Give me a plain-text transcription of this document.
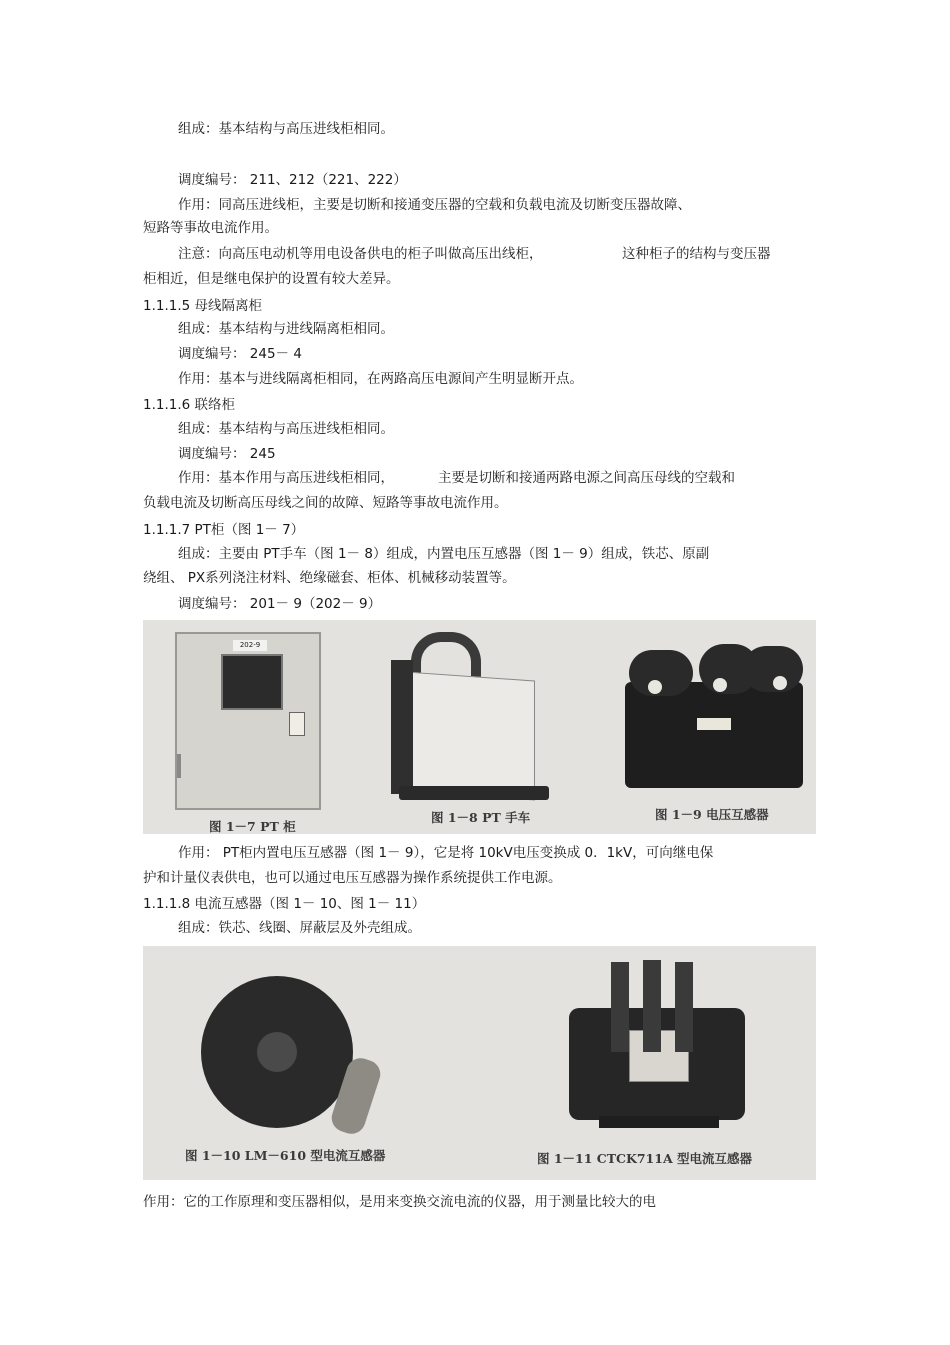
组成：基本结构与高压进线柜相同。
调度编号： 211、212（221、222）
作用：同高压进线柜，主要是切断和接通变压器的空载和负载电流及切断变压器故障、
短路等事故电流作用。
注意：向高压电动机等用电设备供电的柜子叫做高压出线柜，	这种柜子的结构与变压器
柜相近，但是继电保护的设置有较大差异。
1.1.1.5 母线隔离柜
组成：基本结构与进线隔离柜相同。
调度编号： 245－ 4
作用：基本与进线隔离柜相同，在两路高压电源间产生明显断开点。
1.1.1.6 联络柜
组成：基本结构与高压进线柜相同。
调度编号： 245
作用：基本作用与高压进线柜相同，	主要是切断和接通两路电源之间高压母线的空载和
负载电流及切断高压母线之间的故障、短路等事故电流作用。
1.1.1.7 PT柜（图 1－ 7）
组成：主要由 PT手车（图 1－ 8）组成，内置电压互感器（图 1－ 9）组成，铁芯、原副
绕组、 PX系列浇注材料、绝缘磁套、柜体、机械移动装置等。
调度编号： 201－ 9（202－ 9）
202-9
图 1－7 PT 柜
图 1－8 PT 手车	图 1－9 电压互感器
作用： PT柜内置电压互感器（图 1－ 9），它是将 10kV电压变换成 0．1kV，可向继电保
护和计量仪表供电，也可以通过电压互感器为操作系统提供工作电源。
1.1.1.8 电流互感器（图 1－ 10、图 1－ 11）
组成：铁芯、线圈、屏蔽层及外壳组成。
图 1－10 LM－610 型电流互感器	图 1－11 CTCK711A 型电流互感器
作用：它的工作原理和变压器相似，是用来变换交流电流的仪器，用于测量比较大的电
